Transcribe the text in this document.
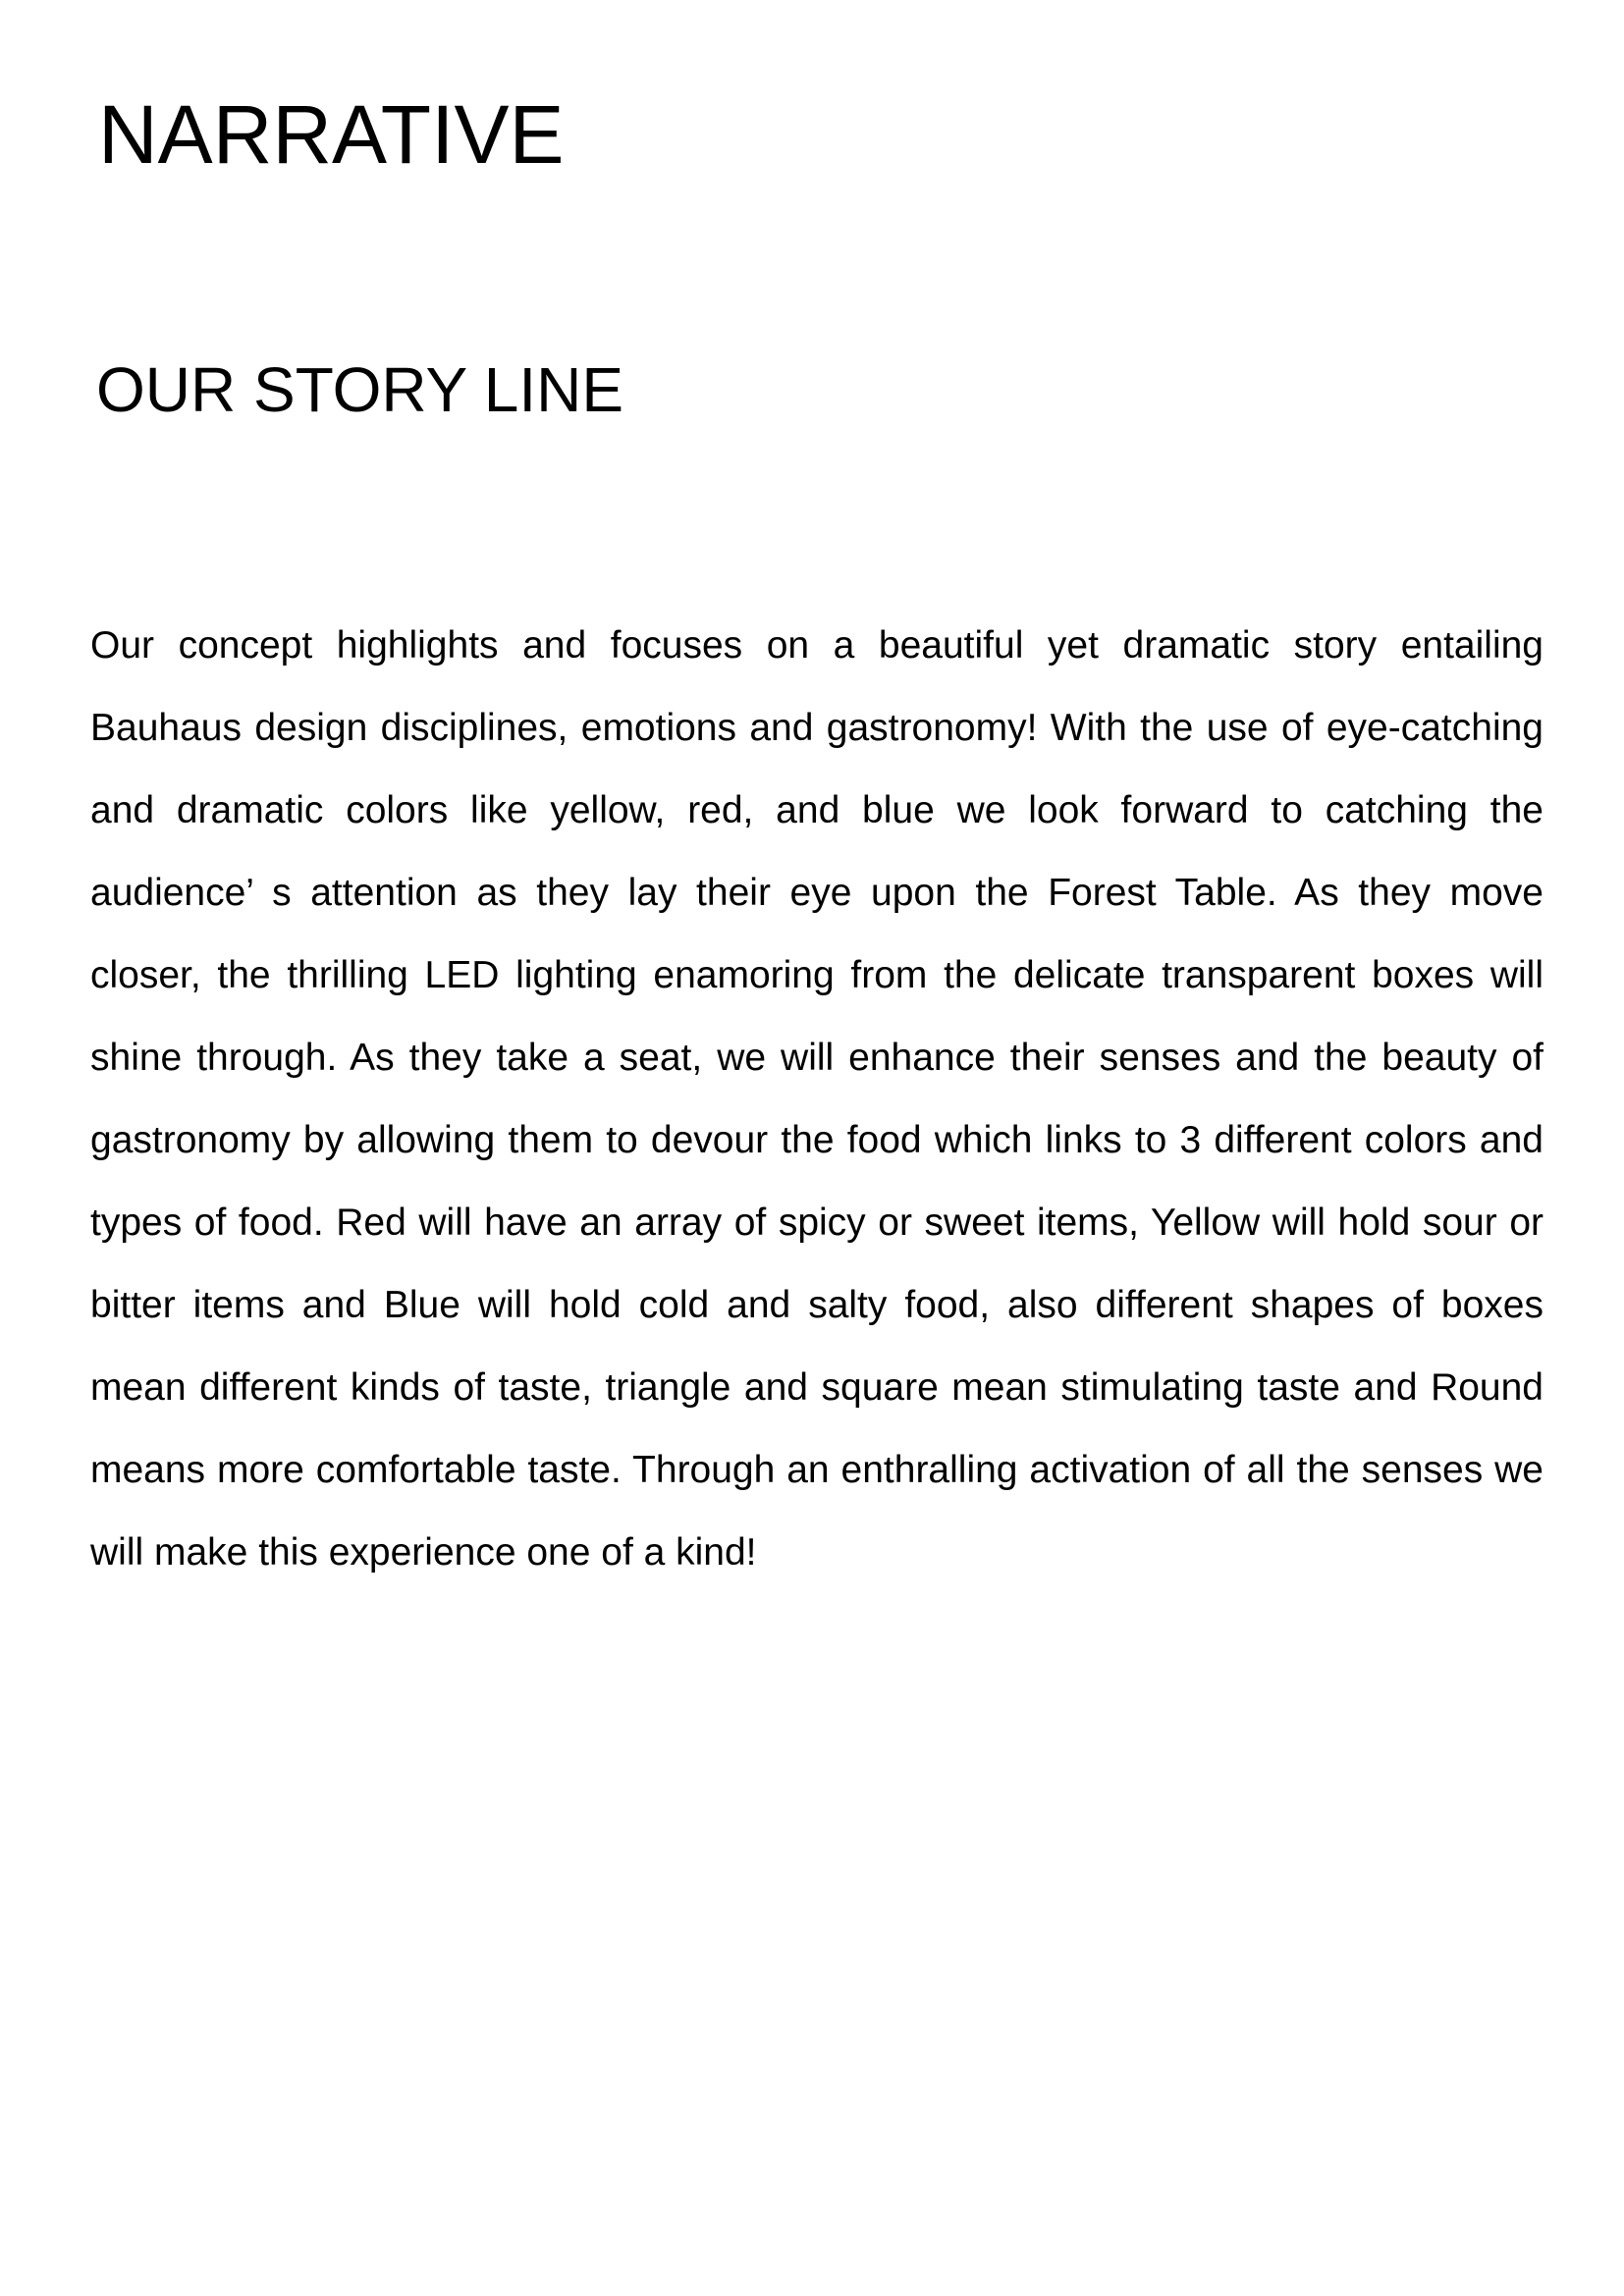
NARRATIVE
OUR STORY LINE

Our concept highlights and focuses on a beautiful yet dramatic story entailing Bauhaus design disciplines, emotions and gastronomy! With the use of eye-catching and dramatic colors like yellow, red, and blue we look forward to catching the audience’ s attention as they lay their eye upon the Forest Table. As they move closer, the thrilling LED lighting enamoring from the delicate transparent boxes will shine through. As they take a seat, we will enhance their senses and the beauty of gastronomy by allowing them to devour the food which links to 3 different colors and types of food. Red will have an array of spicy or sweet items, Yellow will hold sour or bitter items and Blue will hold cold and salty food, also different shapes of boxes mean different kinds of taste, triangle and square mean stimulating taste and Round means more comfortable taste. Through an enthralling activation of all the senses we will make this experience one of a kind!
